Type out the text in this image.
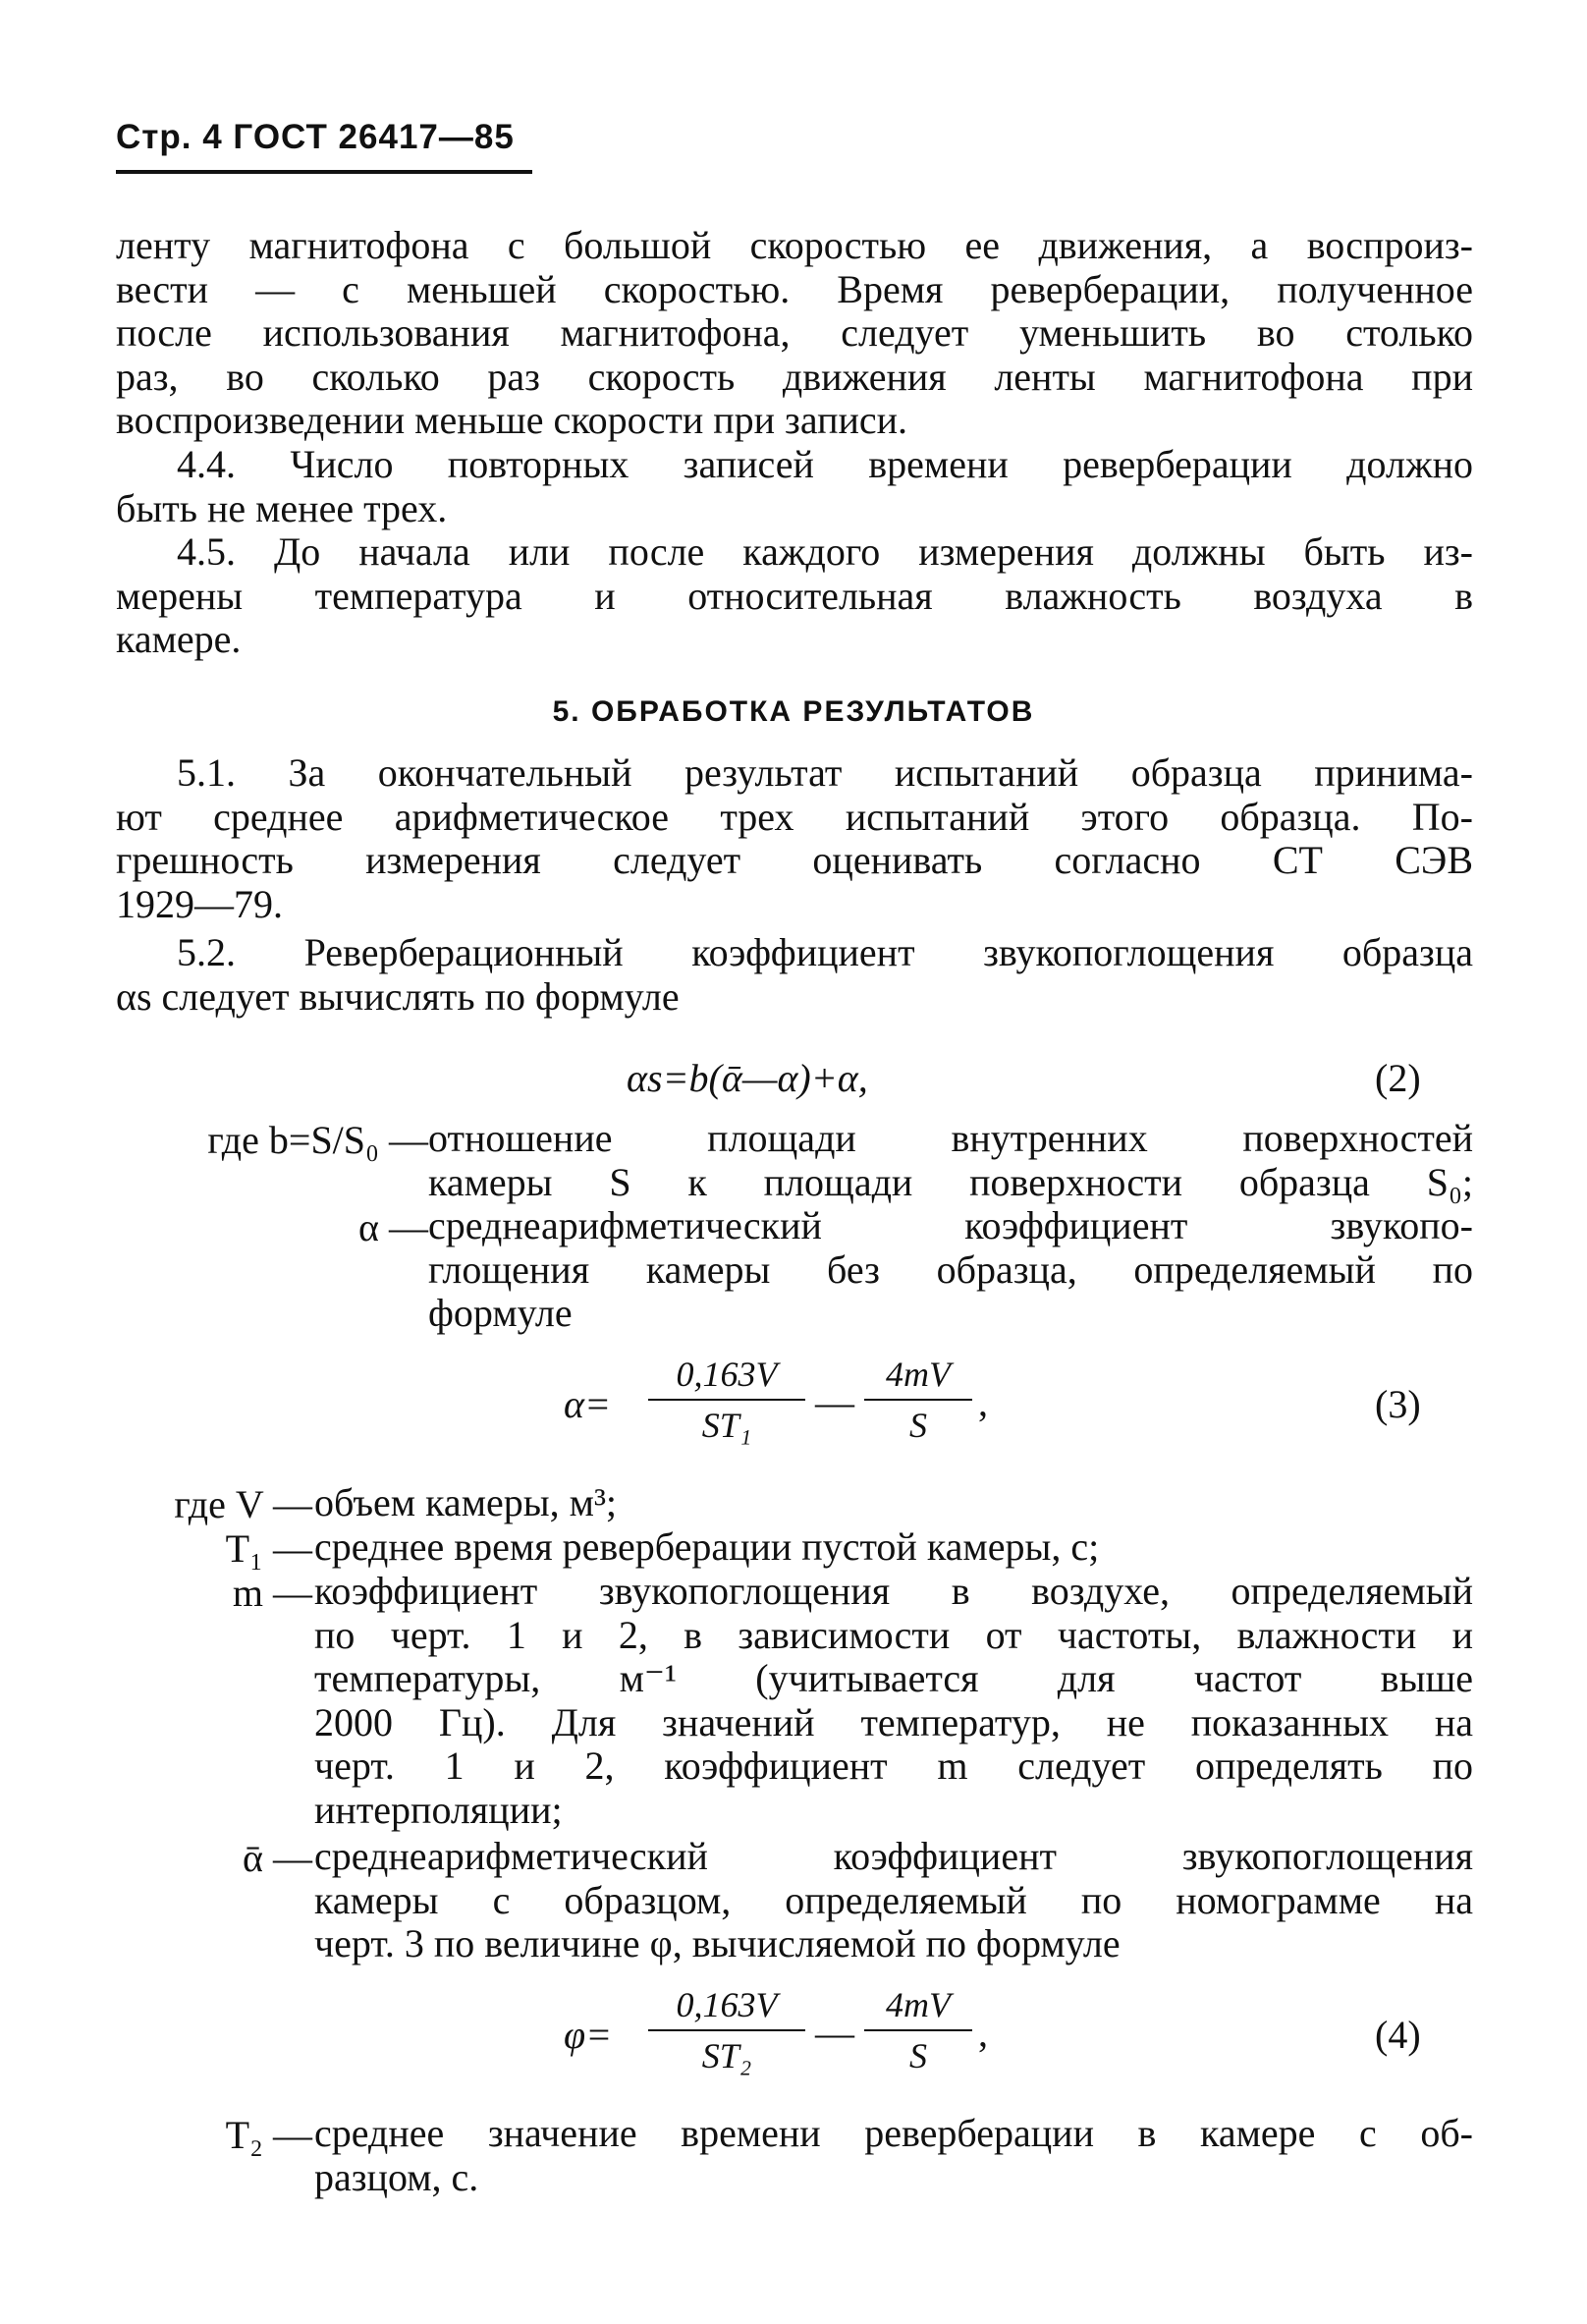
Стр. 4 ГОСТ 26417—85
ленту магнитофона с большой скоростью ее движения, а воспроиз-
вести — с меньшей скоростью. Время реверберации, полученное
после использования магнитофона, следует уменьшить во столько
раз, во сколько раз скорость движения ленты магнитофона при
воспроизведении меньше скорости при записи.
4.4. Число повторных записей времени реверберации должно
быть не менее трех.
4.5. До начала или после каждого измерения должны быть из-
мерены температура и относительная влажность воздуха в
камере.
5. ОБРАБОТКА РЕЗУЛЬТАТОВ
5.1. За окончательный результат испытаний образца принима-
ют среднее арифметическое трех испытаний этого образца. По-
грешность измерения следует оценивать согласно СТ СЭВ
1929—79.
5.2. Реверберационный коэффициент звукопоглощения образца
αs следует вычислять по формуле
αs=b(ᾱ—α)+α,	(2)
где b=S/S₀ — отношение площади внутренних поверхностей
камеры S к площади поверхности образца S₀;
α — среднеарифметический коэффициент звукопо-
глощения камеры без образца, определяемый по
формуле
$\alpha= \frac{0,163V}{\text{ST₁}}$ — $\frac{4mV}{S}$ ,	(3)
где V — объем камеры, м³;
T₁ — среднее время реверберации пустой камеры, с;
m — коэффициент звукопоглощения в воздухе, определяемый
по черт. 1 и 2, в зависимости от частоты, влажности и
температуры, м⁻¹ (учитывается для частот выше
2000 Гц). Для значений температур, не показанных на
черт. 1 и 2, коэффициент m следует определять по
интерполяции;
ᾱ — среднеарифметический коэффициент звукопоглощения
камеры с образцом, определяемый по номограмме на
черт. 3 по величине φ, вычисляемой по формуле
$\varphi= \frac{0,163V}{\text{ST₂}}$ — $\frac{4mV}{S}$ ,	(4)
T₂ — среднее значение времени реверберации в камере с об-
разцом, с.
